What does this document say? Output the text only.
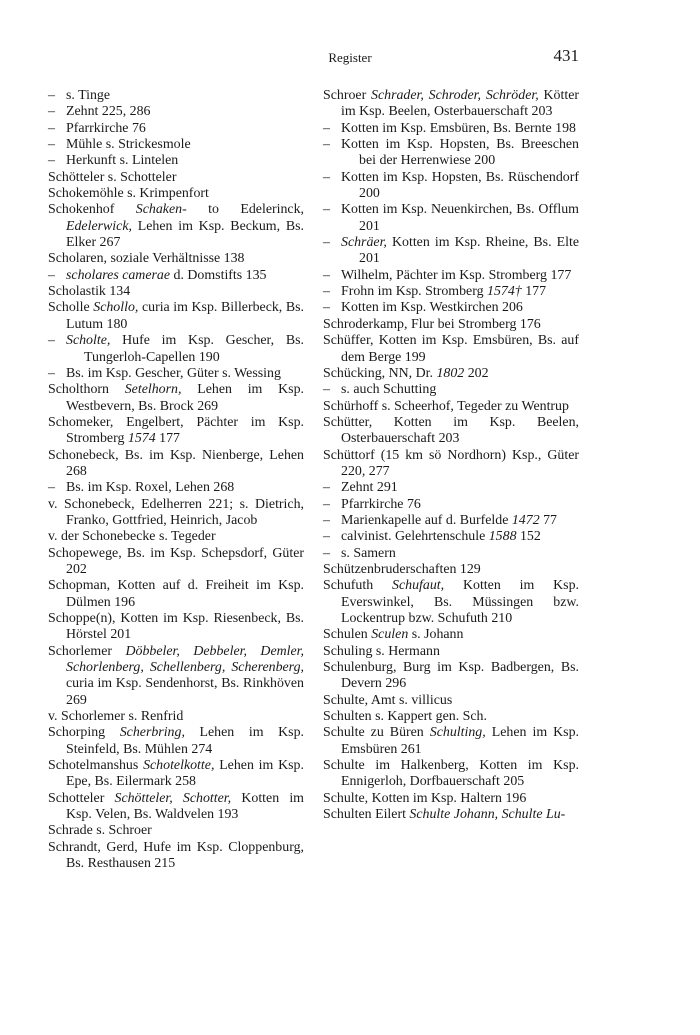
Register	431
– s. Tinge
– Zehnt 225, 286
– Pfarrkirche 76
– Mühle s. Strickesmole
– Herkunft s. Lintelen
Schötteler s. Schotteler
Schokemöhle s. Krimpenfort
Schokenhof Schaken- to Edelerinck, Edelerwick, Lehen im Ksp. Beckum, Bs. Elker 267
Scholaren, soziale Verhältnisse 138
– scholares camerae d. Domstifts 135
Scholastik 134
Scholle Schollo, curia im Ksp. Billerbeck, Bs. Lutum 180
– Scholte, Hufe im Ksp. Gescher, Bs. Tungerloh-Capellen 190
– Bs. im Ksp. Gescher, Güter s. Wessing
Scholthorn Setelhorn, Lehen im Ksp. Westbevern, Bs. Brock 269
Schomeker, Engelbert, Pächter im Ksp. Stromberg 1574 177
Schonebeck, Bs. im Ksp. Nienberge, Lehen 268
– Bs. im Ksp. Roxel, Lehen 268
v. Schonebeck, Edelherren 221; s. Dietrich, Franko, Gottfried, Heinrich, Jacob
v. der Schonebecke s. Tegeder
Schopewege, Bs. im Ksp. Schepsdorf, Güter 202
Schopman, Kotten auf d. Freiheit im Ksp. Dülmen 196
Schoppe(n), Kotten im Ksp. Riesenbeck, Bs. Hörstel 201
Schorlemer Döbbeler, Debbeler, Demler, Schorlenberg, Schellenberg, Scherenberg, curia im Ksp. Sendenhorst, Bs. Rinkhöven 269
v. Schorlemer s. Renfrid
Schorping Scherbring, Lehen im Ksp. Steinfeld, Bs. Mühlen 274
Schotelmanshus Schotelkotte, Lehen im Ksp. Epe, Bs. Eilermark 258
Schotteler Schötteler, Schotter, Kotten im Ksp. Velen, Bs. Waldvelen 193
Schrade s. Schroer
Schrandt, Gerd, Hufe im Ksp. Cloppenburg, Bs. Resthausen 215
Schroer Schrader, Schroder, Schröder, Kötter im Ksp. Beelen, Osterbauerschaft 203
– Kotten im Ksp. Emsbüren, Bs. Bernte 198
– Kotten im Ksp. Hopsten, Bs. Breeschen bei der Herrenwiese 200
– Kotten im Ksp. Hopsten, Bs. Rüschendorf 200
– Kotten im Ksp. Neuenkirchen, Bs. Offlum 201
– Schräer, Kotten im Ksp. Rheine, Bs. Elte 201
– Wilhelm, Pächter im Ksp. Stromberg 177
– Frohn im Ksp. Stromberg 1574† 177
– Kotten im Ksp. Westkirchen 206
Schroderkamp, Flur bei Stromberg 176
Schüffer, Kotten im Ksp. Emsbüren, Bs. auf dem Berge 199
Schücking, NN, Dr. 1802 202
– s. auch Schutting
Schürhoff s. Scheerhof, Tegeder zu Wentrup
Schütter, Kotten im Ksp. Beelen, Osterbauerschaft 203
Schüttorf (15 km sö Nordhorn) Ksp., Güter 220, 277
– Zehnt 291
– Pfarrkirche 76
– Marienkapelle auf d. Burfelde 1472 77
– calvinist. Gelehrtenschule 1588 152
– s. Samern
Schützenbruderschaften 129
Schufuth Schufaut, Kotten im Ksp. Everswinkel, Bs. Müssingen bzw. Lockentrup bzw. Schufuth 210
Schulen Sculen s. Johann
Schuling s. Hermann
Schulenburg, Burg im Ksp. Badbergen, Bs. Devern 296
Schulte, Amt s. villicus
Schulten s. Kappert gen. Sch.
Schulte zu Büren Schulting, Lehen im Ksp. Emsbüren 261
Schulte im Halkenberg, Kotten im Ksp. Ennigerloh, Dorfbauerschaft 205
Schulte, Kotten im Ksp. Haltern 196
Schulten Eilert Schulte Johann, Schulte Lu-
